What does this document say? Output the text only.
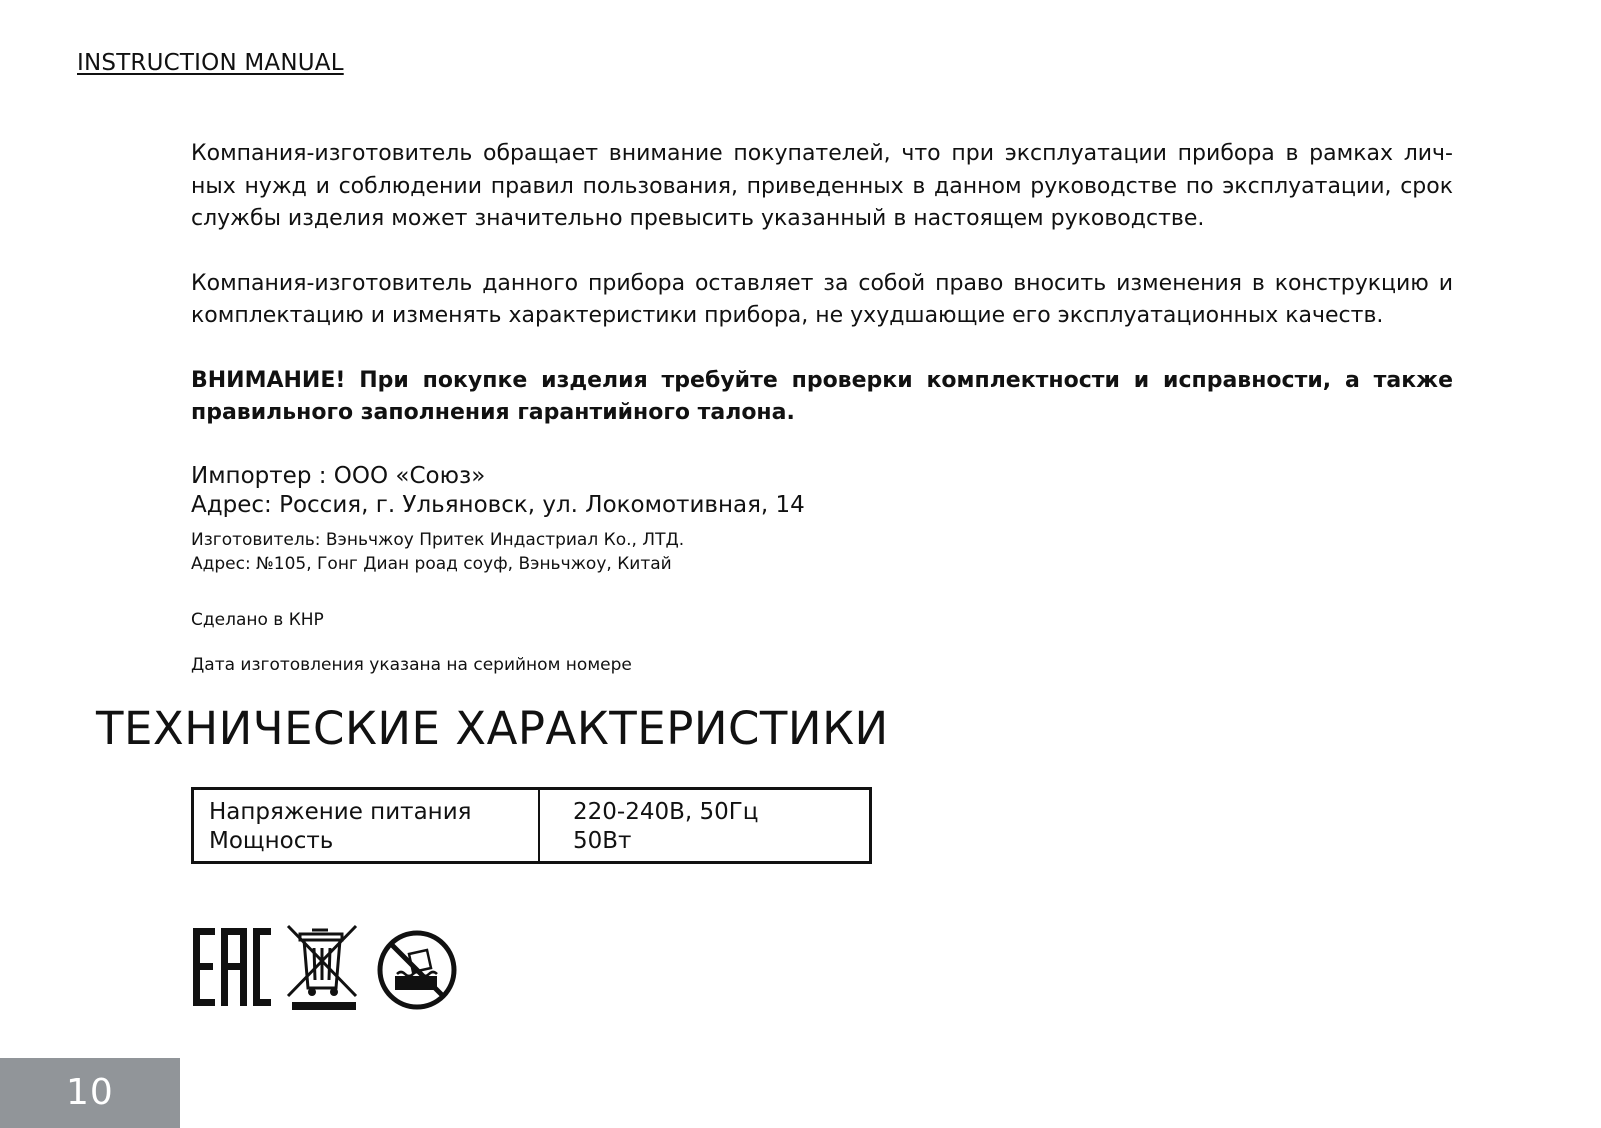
INSTRUCTION MANUAL

Компания-изготовитель обращает внимание покупателей, что при эксплуатации прибора в рамках лич-ных нужд и соблюдении правил пользования, приведенных в данном руководстве по эксплуатации, срок службы изделия может значительно превысить указанный в настоящем руководстве.

Компания-изготовитель данного прибора оставляет за собой право вносить изменения в конструкцию и комплектацию и изменять характеристики прибора, не ухудшающие его эксплуатационных качеств.

ВНИМАНИЕ! При покупке изделия требуйте проверки комплектности и исправности, а также правильного заполнения гарантийного талона.

Импортер : ООО «Союз»
Адрес: Россия, г. Ульяновск, ул. Локомотивная, 14
Изготовитель: Вэньчжоу Притек Индастриал Ко., ЛТД.
Адрес: №105, Гонг Диан роад соуф, Вэньчжоу, Китай
Сделано в КНР
Дата изготовления указана на серийном номере
ТЕХНИЧЕСКИЕ ХАРАКТЕРИСТИКИ
Напряжение питания
Мощность
220-240В, 50Гц
50Вт
10
